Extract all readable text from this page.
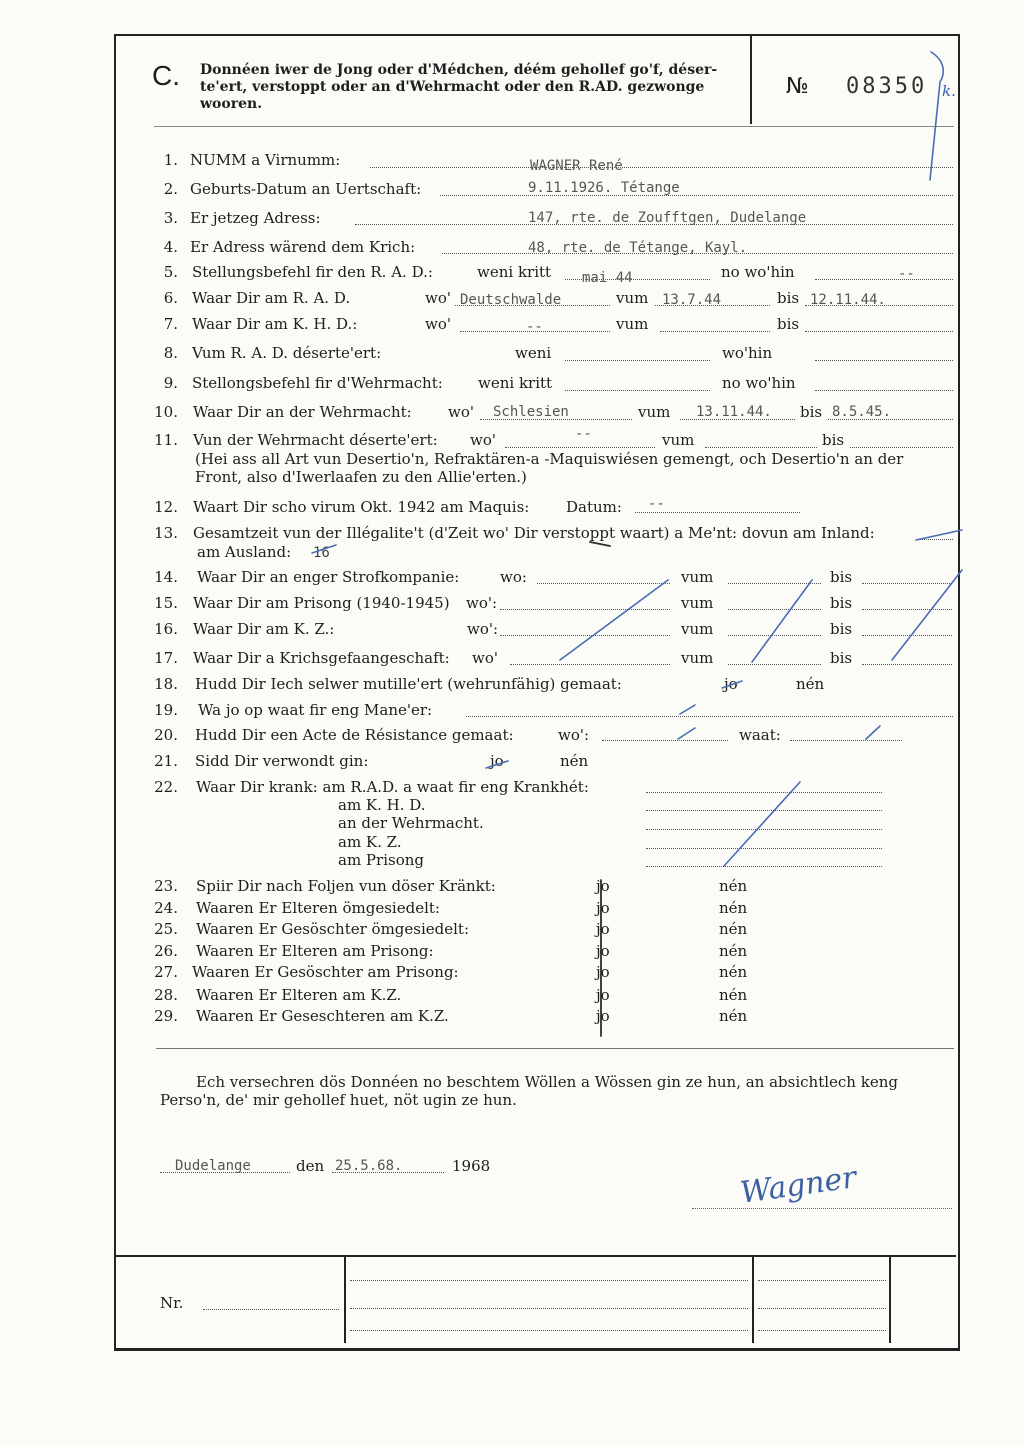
C. Donnéen iwer de Jong oder d'Médchen, déém gehollef go'f, déser-
te'ert, verstoppt oder an d'Wehrmacht oder den R.AD. gezwonge
wooren.
№ 08350 k.
1. NUMM a Virnumm:	WAGNER René
2. Geburts-Datum an Uertschaft:	9.11.1926. Tétange
3. Er jetzeg Adress:	147, rte. de Zoufftgen, Dudelange
4. Er Adress wärend dem Krich:	48, rte. de Tétange, Kayl.
5. Stellungsbefehl fir den R. A. D.:	weni kritt mai 44	no wo'hin	--
6. Waar Dir am R. A. D.	wo' Deutschwalde	vum 13.7.44	bis 12.11.44.
7. Waar Dir am K. H. D.:	wo'	--	vum	bis
8. Vum R. A. D. déserte'ert:	weni	wo'hin
9. Stellongsbefehl fir d'Wehrmacht: weni kritt	no wo'hin
10. Waar Dir an der Wehrmacht: wo' Schlesien	vum 13.11.44. bis 8.5.45.
11. Vun der Wehrmacht déserte'ert: wo'	--	vum	bis
(Hei ass all Art vun Desertio'n, Refraktären-a -Maquiswiésen gemengt, och Desertio'n an der
Front, also d'Iwerlaafen zu den Allie'erten.)
12. Waart Dir scho virum Okt. 1942 am Maquis: Datum: --
13. Gesamtzeit vun der Illégalite't (d'Zeit wo' Dir verstoppt waart) a Me'nt: dovun am Inland:
am Ausland: 16
14. Waar Dir an enger Strofkompanie:	wo:	vum	bis
15. Waar Dir am Prisong (1940-1945) wo':	vum	bis
16. Waar Dir am K. Z.:	wo':	vum	bis
17. Waar Dir a Krichsgefaangeschaft: wo'	vum	bis
18. Hudd Dir Iech selwer mutille'ert (wehrunfähig) gemaat:	jo	nén
19. Wa jo op waat fir eng Mane'er:
20. Hudd Dir een Acte de Résistance gemaat:	wo':	waat:
21. Sidd Dir verwondt gin:	jo	nén
22. Waar Dir krank: am R.A.D. a waat fir eng Krankhét:
am K. H. D.
an der Wehrmacht.
am K. Z.
am Prisong
23. Spiir Dir nach Foljen vun döser Kränkt:	jo	nén
24. Waaren Er Elteren ömgesiedelt:	jo	nén
25. Waaren Er Gesöschter ömgesiedelt:	jo	nén
26. Waaren Er Elteren am Prisong:	jo	nén
27. Waaren Er Gesöschter am Prisong:	jo	nén
28. Waaren Er Elteren am K.Z.	jo	nén
29. Waaren Er Geseschteren am K.Z.	jo	nén
Ech versechren dös Donnéen no beschtem Wöllen a Wössen gin ze hun, an absichtlech keng
Perso'n, de' mir gehollef huet, nöt ugin ze hun.
Dudelange	den 25.5.68.	1968	Wagner
Nr.
